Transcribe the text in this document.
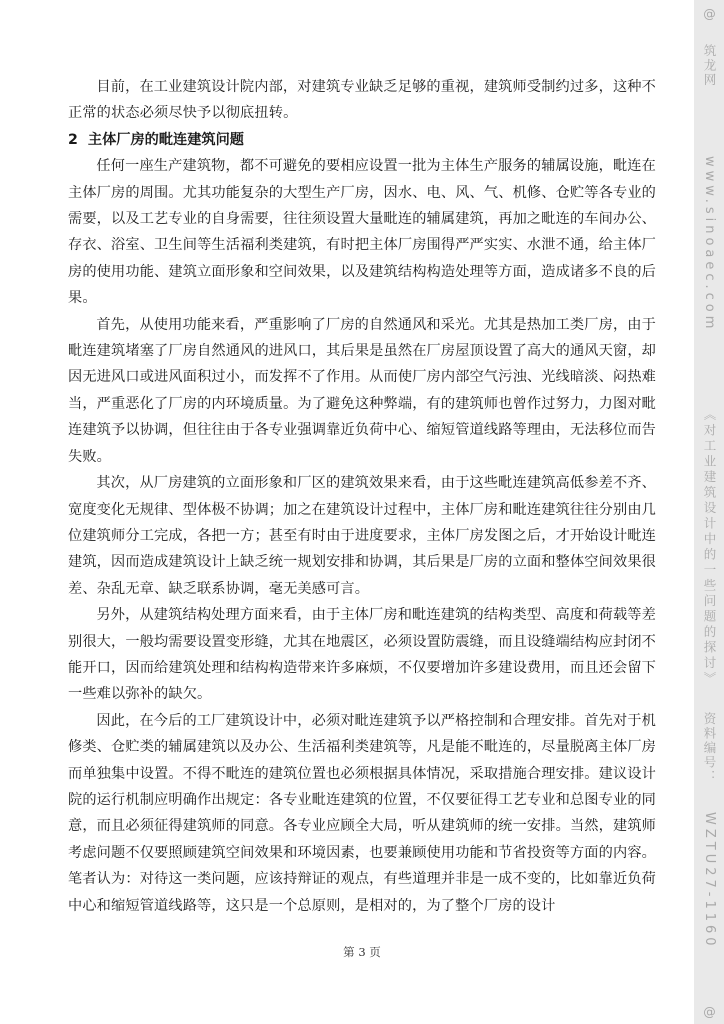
目前，在工业建筑设计院内部，对建筑专业缺乏足够的重视，建筑师受制约过多，这种不正常的状态必须尽快予以彻底扭转。

2 主体厂房的毗连建筑问题

任何一座生产建筑物，都不可避免的要相应设置一批为主体生产服务的辅属设施，毗连在主体厂房的周围。尤其功能复杂的大型生产厂房，因水、电、风、气、机修、仓贮等各专业的需要，以及工艺专业的自身需要，往往须设置大量毗连的辅属建筑，再加之毗连的车间办公、存衣、浴室、卫生间等生活福利类建筑，有时把主体厂房围得严严实实、水泄不通，给主体厂房的使用功能、建筑立面形象和空间效果，以及建筑结构构造处理等方面，造成诸多不良的后果。

首先，从使用功能来看，严重影响了厂房的自然通风和采光。尤其是热加工类厂房，由于毗连建筑堵塞了厂房自然通风的进风口，其后果是虽然在厂房屋顶设置了高大的通风天窗，却因无进风口或进风面积过小，而发挥不了作用。从而使厂房内部空气污浊、光线暗淡、闷热难当，严重恶化了厂房的内环境质量。为了避免这种弊端，有的建筑师也曾作过努力，力图对毗连建筑予以协调，但往往由于各专业强调靠近负荷中心、缩短管道线路等理由，无法移位而告失败。

其次，从厂房建筑的立面形象和厂区的建筑效果来看，由于这些毗连建筑高低参差不齐、宽度变化无规律、型体极不协调；加之在建筑设计过程中，主体厂房和毗连建筑往往分别由几位建筑师分工完成，各把一方；甚至有时由于进度要求，主体厂房发图之后，才开始设计毗连建筑，因而造成建筑设计上缺乏统一规划安排和协调，其后果是厂房的立面和整体空间效果很差、杂乱无章、缺乏联系协调，毫无美感可言。

另外，从建筑结构处理方面来看，由于主体厂房和毗连建筑的结构类型、高度和荷载等差别很大，一般均需要设置变形缝，尤其在地震区，必须设置防震缝，而且设缝端结构应封闭不能开口，因而给建筑处理和结构构造带来许多麻烦，不仅要增加许多建设费用，而且还会留下一些难以弥补的缺欠。

因此，在今后的工厂建筑设计中，必须对毗连建筑予以严格控制和合理安排。首先对于机修类、仓贮类的辅属建筑以及办公、生活福利类建筑等，凡是能不毗连的，尽量脱离主体厂房而单独集中设置。不得不毗连的建筑位置也必须根据具体情况，采取措施合理安排。建议设计院的运行机制应明确作出规定：各专业毗连建筑的位置，不仅要征得工艺专业和总图专业的同意，而且必须征得建筑师的同意。各专业应顾全大局，听从建筑师的统一安排。当然，建筑师考虑问题不仅要照顾建筑空间效果和环境因素，也要兼顾使用功能和节省投资等方面的内容。笔者认为：对待这一类问题，应该持辩证的观点，有些道理并非是一成不变的，比如靠近负荷中心和缩短管道线路等，这只是一个总原则，是相对的，为了整个厂房的设计

第 3 页
@
筑龙网
www.sinoaec.com
《对工业建筑设计中的一些问题的探讨》
资料编号：
WZTU27-1160
@
